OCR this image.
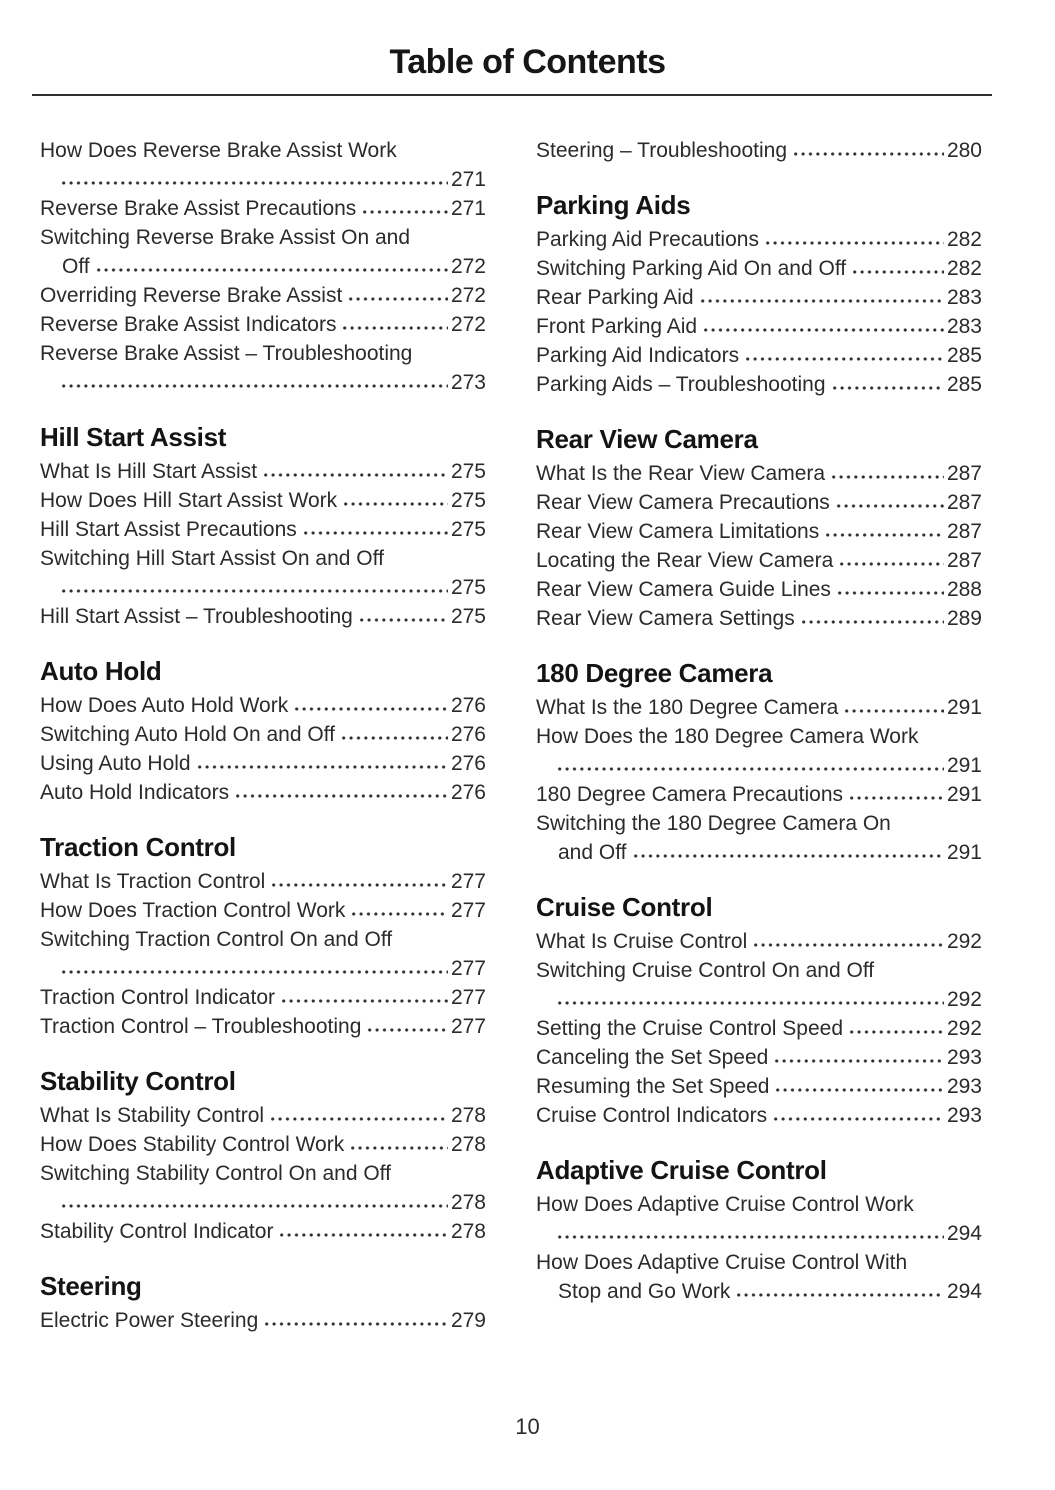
Table of Contents
How Does Reverse Brake Assist Work
271
Reverse Brake Assist Precautions	271
Switching Reverse Brake Assist On and
Off	272
Overriding Reverse Brake Assist	272
Reverse Brake Assist Indicators	272
Reverse Brake Assist – Troubleshooting
273
Hill Start Assist
What Is Hill Start Assist	275
How Does Hill Start Assist Work	275
Hill Start Assist Precautions	275
Switching Hill Start Assist On and Off
275
Hill Start Assist – Troubleshooting	275
Auto Hold
How Does Auto Hold Work	276
Switching Auto Hold On and Off	276
Using Auto Hold	276
Auto Hold Indicators	276
Traction Control
What Is Traction Control	277
How Does Traction Control Work	277
Switching Traction Control On and Off
277
Traction Control Indicator	277
Traction Control – Troubleshooting	277
Stability Control
What Is Stability Control	278
How Does Stability Control Work	278
Switching Stability Control On and Off
278
Stability Control Indicator	278
Steering
Electric Power Steering	279
Steering – Troubleshooting	280
Parking Aids
Parking Aid Precautions	282
Switching Parking Aid On and Off	282
Rear Parking Aid	283
Front Parking Aid	283
Parking Aid Indicators	285
Parking Aids – Troubleshooting	285
Rear View Camera
What Is the Rear View Camera	287
Rear View Camera Precautions	287
Rear View Camera Limitations	287
Locating the Rear View Camera	287
Rear View Camera Guide Lines	288
Rear View Camera Settings	289
180 Degree Camera
What Is the 180 Degree Camera	291
How Does the 180 Degree Camera Work
291
180 Degree Camera Precautions	291
Switching the 180 Degree Camera On
and Off	291
Cruise Control
What Is Cruise Control	292
Switching Cruise Control On and Off
292
Setting the Cruise Control Speed	292
Canceling the Set Speed	293
Resuming the Set Speed	293
Cruise Control Indicators	293
Adaptive Cruise Control
How Does Adaptive Cruise Control Work
294
How Does Adaptive Cruise Control With
Stop and Go Work	294
10
